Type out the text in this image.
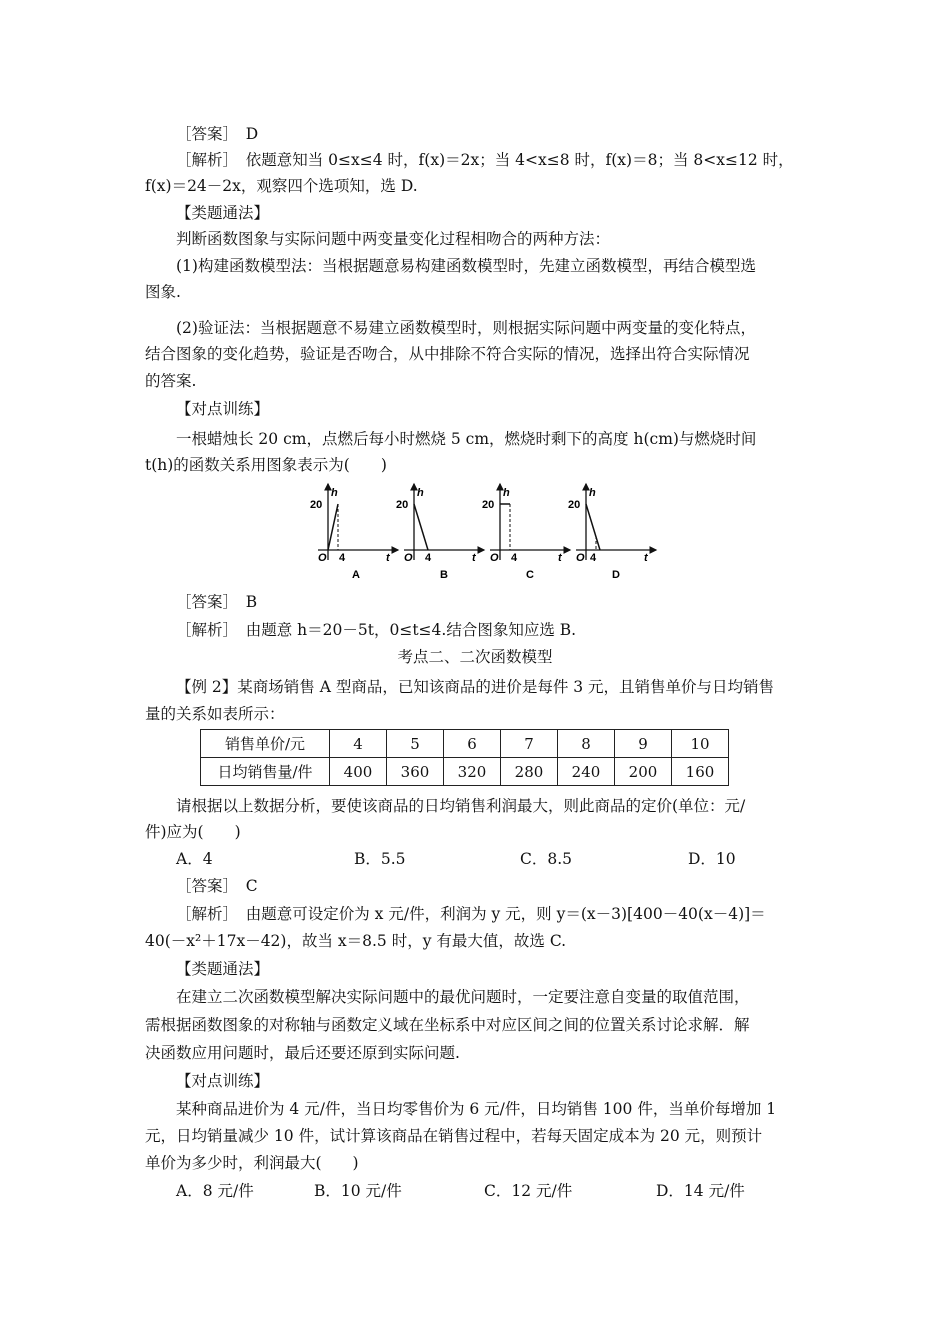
［答案］　D
［解析］　依题意知当 0≤x≤4 时，f(x)＝2x；当 4<x≤8 时，f(x)＝8；当 8<x≤12 时，
f(x)＝24－2x，观察四个选项知，选 D.
【类题通法】
判断函数图象与实际问题中两变量变化过程相吻合的两种方法：
(1)构建函数模型法：当根据题意易构建函数模型时，先建立函数模型，再结合模型选
图象.
(2)验证法：当根据题意不易建立函数模型时，则根据实际问题中两变量的变化特点，
结合图象的变化趋势，验证是否吻合，从中排除不符合实际的情况，选择出符合实际情况
的答案.
【对点训练】
一根蜡烛长 20 cm，点燃后每小时燃烧 5 cm，燃烧时剩下的高度 h(cm)与燃烧时间
t(h)的函数关系用图象表示为(　　)
h
20
O 4	t
A
h
20
O 4	t
B
h
20
O 4	t
C
h
20
O 4	t
D
［答案］　B
［解析］　由题意 h＝20－5t，0≤t≤4.结合图象知应选 B.
考点二、二次函数模型
【例 2】某商场销售 A 型商品，已知该商品的进价是每件 3 元，且销售单价与日均销售
量的关系如表所示：
销售单价/元	4	5	6	7	8	9	10
日均销售量/件	400	360	320	280	240	200	160
请根据以上数据分析，要使该商品的日均销售利润最大，则此商品的定价(单位：元/
件)应为(　　)
A．4	B．5.5	C．8.5	D．10
［答案］　C
［解析］　由题意可设定价为 x 元/件，利润为 y 元，则 y＝(x－3)[400－40(x－4)]＝
40(－x²＋17x－42)，故当 x＝8.5 时，y 有最大值，故选 C.
【类题通法】
在建立二次函数模型解决实际问题中的最优问题时，一定要注意自变量的取值范围，
需根据函数图象的对称轴与函数定义域在坐标系中对应区间之间的位置关系讨论求解．解
决函数应用问题时，最后还要还原到实际问题.
【对点训练】
某种商品进价为 4 元/件，当日均零售价为 6 元/件，日均销售 100 件，当单价每增加 1
元，日均销量减少 10 件，试计算该商品在销售过程中，若每天固定成本为 20 元，则预计
单价为多少时，利润最大(　　)
A．8 元/件	B．10 元/件	C．12 元/件	D．14 元/件
